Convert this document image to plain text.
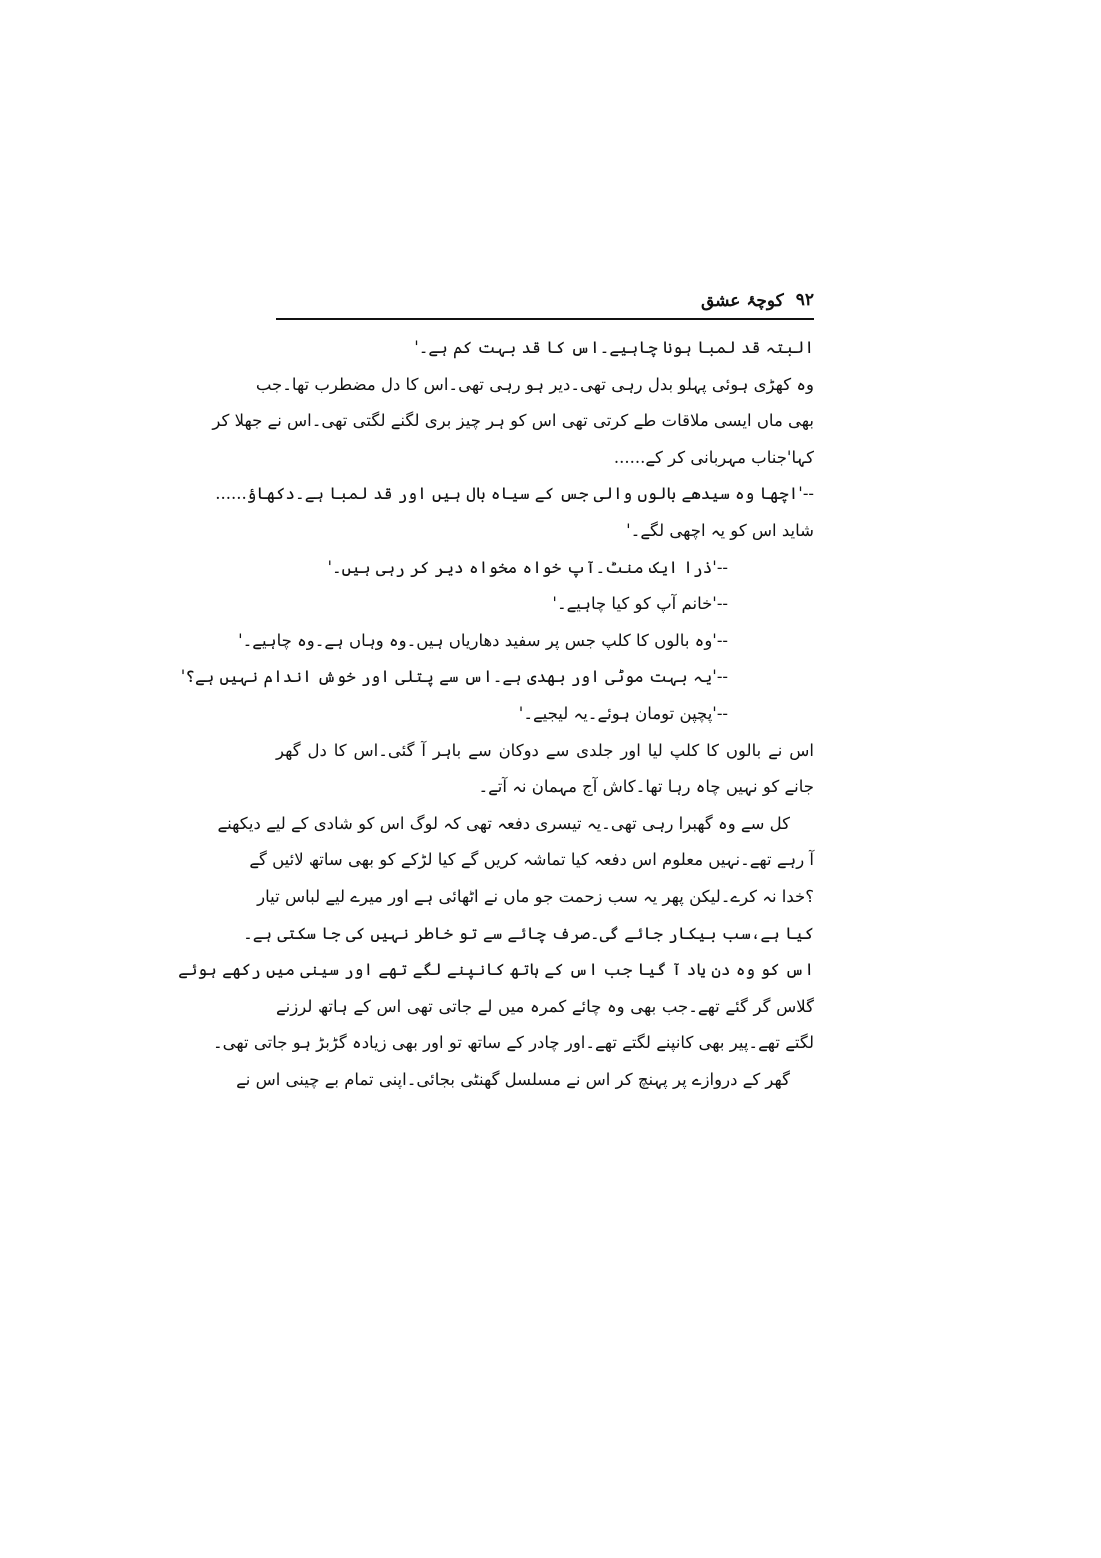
۹۲
کوچۂ عشق
البتہ قد لمبا ہونا چاہیے۔اس کا قد بہت کم ہے۔'
وہ کھڑی ہوئی پہلو بدل رہی تھی۔دیر ہو رہی تھی۔اس کا دل مضطرب تھا۔جب
بھی ماں ایسی ملاقات طے کرتی تھی اس کو ہر چیز بری لگنے لگتی تھی۔اس نے جھلا کر
کہا'جناب مہربانی کر کے......
--'اچھا وہ سیدھے بالوں والی جس کے سیاہ بال ہیں اور قد لمبا ہے۔دکھاؤ......
شاید اس کو یہ اچھی لگے۔'
--'ذرا ایک منٹ۔آپ خواہ مخواہ دیر کر رہی ہیں۔'
--'خانم آپ کو کیا چاہیے۔'
--'وہ بالوں کا کلپ جس پر سفید دھاریاں ہیں۔وہ وہاں ہے۔وہ چاہیے۔'
--'یہ بہت موٹی اور بھدی ہے۔اس سے پتلی اور خوش اندام نہیں ہے؟'
--'پچپن تومان ہوئے۔یہ لیجیے۔'
اس نے بالوں کا کلپ لیا اور جلدی سے دوکان سے باہر آ گئی۔اس کا دل گھر
جانے کو نہیں چاہ رہا تھا۔کاش آج مہمان نہ آتے۔
کل سے وہ گھبرا رہی تھی۔یہ تیسری دفعہ تھی کہ لوگ اس کو شادی کے لیے دیکھنے
آ رہے تھے۔نہیں معلوم اس دفعہ کیا تماشہ کریں گے کیا لڑکے کو بھی ساتھ لائیں گے
؟خدا نہ کرے۔لیکن پھر یہ سب زحمت جو ماں نے اٹھائی ہے اور میرے لیے لباس تیار
کیا ہے،سب بیکار جائے گی۔صرف چائے سے تو خاطر نہیں کی جا سکتی ہے۔
اس کو وہ دن یاد آ گیا جب اس کے ہاتھ کانپنے لگے تھے اور سینی میں رکھے ہوئے
گلاس گر گئے تھے۔جب بھی وہ چائے کمرہ میں لے جاتی تھی اس کے ہاتھ لرزنے
لگتے تھے۔پیر بھی کانپنے لگتے تھے۔اور چادر کے ساتھ تو اور بھی زیادہ گڑبڑ ہو جاتی تھی۔
گھر کے دروازے پر پہنچ کر اس نے مسلسل گھنٹی بجائی۔اپنی تمام بے چینی اس نے
